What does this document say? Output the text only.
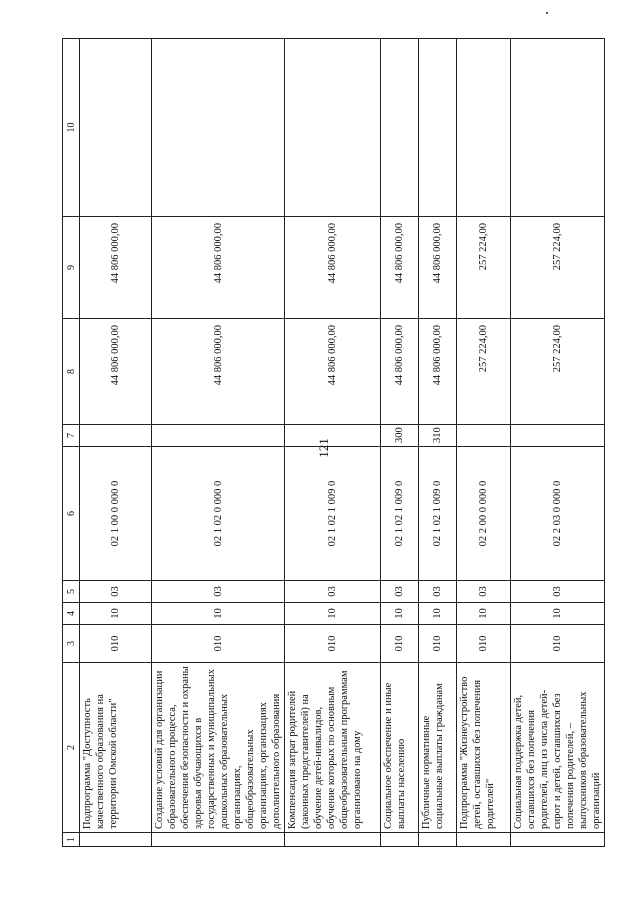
121
1	2	3	4	5	6	7	8	9	10
	Подпрограмма "Доступность качественного образования на территории Омской области"	010	10	03	02 1 00 0 000 0		44 806 000,00	44 806 000,00	
	Создание условий для организации образовательного процесса, обеспечения безопасности и охраны здоровья обучающихся в государственных и муниципальных дошкольных образовательных организациях, общеобразовательных организациях, организациях дополнительного образования	010	10	03	02 1 02 0 000 0		44 806 000,00	44 806 000,00	
	Компенсация затрат родителей (законных представителей) на обучение детей-инвалидов, обучение которых по основным общеобразовательным программам организовано на дому	010	10	03	02 1 02 1 009 0		44 806 000,00	44 806 000,00	
	Социальное обеспечение и иные выплаты населению	010	10	03	02 1 02 1 009 0	300	44 806 000,00	44 806 000,00	
	Публичные нормативные социальные выплаты гражданам	010	10	03	02 1 02 1 009 0	310	44 806 000,00	44 806 000,00	
	Подпрограмма "Жизнеустройство детей, оставшихся без попечения родителей"	010	10	03	02 2 00 0 000 0		257 224,00	257 224,00	
	Социальная поддержка детей, оставшихся без попечения родителей, лиц из числа детей-сирот и детей, оставшихся без попечения родителей, – выпускников образовательных организаций	010	10	03	02 2 03 0 000 0		257 224,00	257 224,00	
